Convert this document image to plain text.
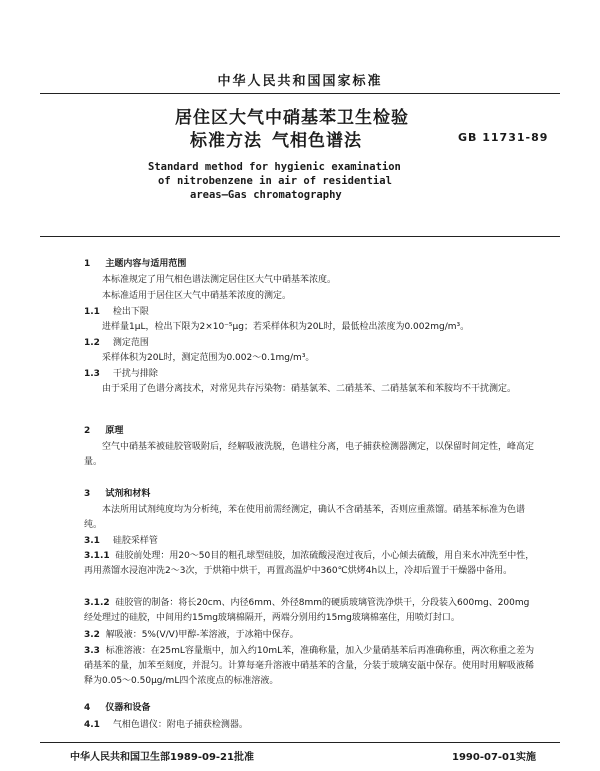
中华人民共和国国家标准
居住区大气中硝基苯卫生检验
标准方法 气相色谱法	GB 11731-89
Standard method for hygienic examination
of nitrobenzene in air of residential
areas—Gas chromatography
1 主题内容与适用范围
本标准规定了用气相色谱法测定居住区大气中硝基苯浓度。
本标准适用于居住区大气中硝基苯浓度的测定。
1.1 检出下限
进样量1μL，检出下限为2×10⁻⁵μg；若采样体积为20L时，最低检出浓度为0.002mg/m³。
1.2 测定范围
采样体积为20L时，测定范围为0.002～0.1mg/m³。
1.3 干扰与排除
由于采用了色谱分离技术，对常见共存污染物：硝基氯苯、二硝基苯、二硝基氯苯和苯胺均不干扰测定。
2 原理
空气中硝基苯被硅胶管吸附后，经解吸液洗脱，色谱柱分离，电子捕获检测器测定，以保留时间定性，峰高定量。
3 试剂和材料
本法所用试剂纯度均为分析纯，苯在使用前需经测定，确认不含硝基苯，否则应重蒸馏。硝基苯标准为色谱纯。
3.1 硅胶采样管
3.1.1 硅胶前处理：用20～50目的粗孔球型硅胶，加浓硫酸浸泡过夜后，小心倾去硫酸，用自来水冲洗至中性，再用蒸馏水浸泡冲洗2～3次，于烘箱中烘干，再置高温炉中360℃烘烤4h以上，冷却后置于干燥器中备用。
3.1.2 硅胶管的制备：将长20cm、内径6mm、外径8mm的硬质玻璃管洗净烘干，分段装入600mg、200mg经处理过的硅胶，中间用约15mg玻璃棉隔开，两端分别用约15mg玻璃棉塞住，用喷灯封口。
3.2 解吸液：5%(V/V)甲醇-苯溶液，于冰箱中保存。
3.3 标准溶液：在25mL容量瓶中，加入约10mL苯，准确称量，加入少量硝基苯后再准确称重，两次称重之差为硝基苯的量，加苯至刻度，并混匀。计算每毫升溶液中硝基苯的含量，分装于玻璃安瓿中保存。使用时用解吸液稀释为0.05～0.50μg/mL四个浓度点的标准溶液。
4 仪器和设备
4.1 气相色谱仪：附电子捕获检测器。
中华人民共和国卫生部1989-09-21批准	1990-07-01实施
